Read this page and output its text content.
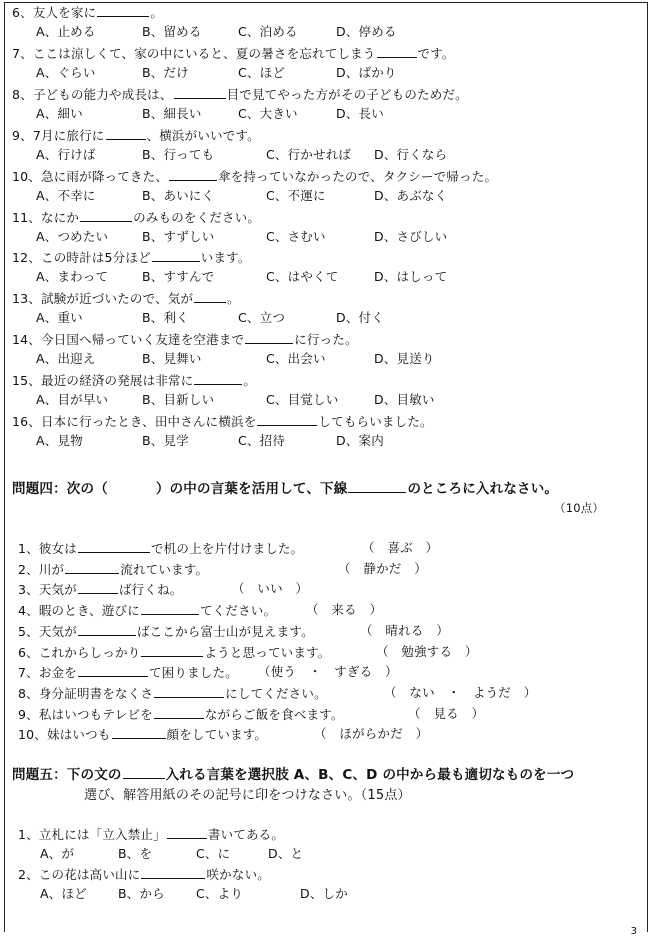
6、友人を家に	。
A、止める	B、留める	C、泊める	D、停める
7、ここは涼しくて、家の中にいると、夏の暑さを忘れてしまう	です。
A、ぐらい	B、だけ	C、ほど	D、ばかり
8、子どもの能力や成長は、	目で見てやった方がその子どものためだ。
A、細い	B、細長い	C、大きい	D、長い
9、7月に旅行に	、横浜がいいです。
A、行けば	B、行っても	C、行かせれば D、行くなら
10、急に雨が降ってきた、	傘を持っていなかったので、タクシーで帰った。
A、不幸に	B、あいにく	C、不運に	D、あぶなく
11、なにか	のみものをください。
A、つめたい	B、すずしい	C、さむい	D、さびしい
12、この時計は5分ほど	います。
A、まわって	B、すすんで	C、はやくて	D、はしって
13、試験が近づいたので、気が	。
A、重い	B、利く	C、立つ	D、付く
14、今日国へ帰っていく友達を空港まで	に行った。
A、出迎え	B、見舞い	C、出会い	D、見送り
15、最近の経済の発展は非常に	。
A、目が早い	B、目新しい	C、目覚しい	D、目敏い
16、日本に行ったとき、田中さんに横浜を	してもらいました。
A、見物	B、見学	C、招待	D、案内
問題四：次の（	）の中の言葉を活用して、下線	のところに入れなさい。
（10点）
1、彼女は	で机の上を片付けました。	（　喜ぶ　）
2、川が	流れています。	（　静かだ　）
3、天気が	ば行くね。	（　いい　）
4、暇のとき、遊びに	てください。 （　来る　）
5、天気が	ばここから富士山が見えます。	（　晴れる　）
6、これからしっかり	ようと思っています。	（　勉強する　）
7、お金を	て困りました。 （使う　・　すぎる　）
8、身分証明書をなくさ	にしてください。	（　ない　・　ようだ　）
9、私はいつもテレビを	ながらご飯を食べます。	（　見る　）
10、妹はいつも	顔をしています。	（　ほがらかだ　）
問題五：下の文の	入れる言葉を選択肢 A、B、C、D の中から最も適切なものを一つ
選び、解答用紙のその記号に印をつけなさい。（15点）
1、立札には「立入禁止」	書いてある。
A、が	B、を	C、に	D、と
2、この花は高い山に	咲かない。
A、ほど B、から C、より	D、しか
3
